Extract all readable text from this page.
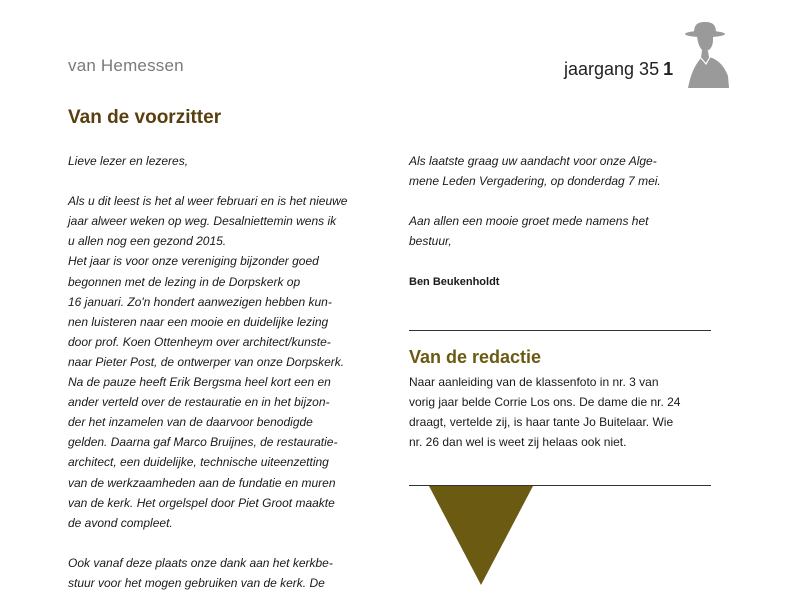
van Hemessen	jaargang 35 1
Van de voorzitter

Lieve lezer en lezeres,

Als u dit leest is het al weer februari en is het nieuwe

jaar alweer weken op weg. Desalniettemin wens ik

u allen nog een gezond 2015.

Het jaar is voor onze vereniging bijzonder goed

begonnen met de lezing in de Dorpskerk op

16 januari. Zo'n hondert aanwezigen hebben kun-

nen luisteren naar een mooie en duidelijke lezing

door prof. Koen Ottenheym over architect/kunste-

naar Pieter Post, de ontwerper van onze Dorpskerk.

Na de pauze heeft Erik Bergsma heel kort een en

ander verteld over de restauratie en in het bijzon-

der het inzamelen van de daarvoor benodigde

gelden. Daarna gaf Marco Bruijnes, de restauratie-

architect, een duidelijke, technische uiteenzetting

van de werkzaamheden aan de fundatie en muren

van de kerk. Het orgelspel door Piet Groot maakte

de avond compleet.

Ook vanaf deze plaats onze dank aan het kerkbe-

stuur voor het mogen gebruiken van de kerk. De

Als laatste graag uw aandacht voor onze Alge-

mene Leden Vergadering, op donderdag 7 mei.

Aan allen een mooie groet mede namens het

bestuur,

Ben Beukenholdt

Van de redactie

Naar aanleiding van de klassenfoto in nr. 3 van

vorig jaar belde Corrie Los ons. De dame die nr. 24

draagt, vertelde zij, is haar tante Jo Buitelaar. Wie

nr. 26 dan wel is weet zij helaas ook niet.
